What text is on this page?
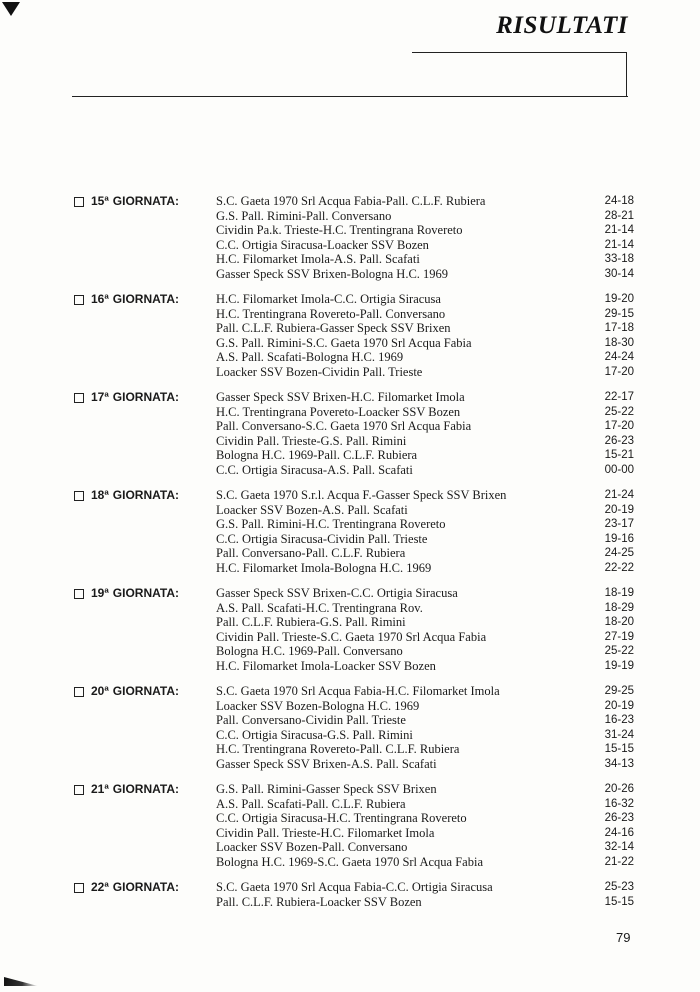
RISULTATI
15ª GIORNATA:	S.C. Gaeta 1970 Srl Acqua Fabia-Pall. C.L.F. Rubiera	24-18
G.S. Pall. Rimini-Pall. Conversano	28-21
Cividin Pa.k. Trieste-H.C. Trentingrana Rovereto	21-14
C.C. Ortigia Siracusa-Loacker SSV Bozen	21-14
H.C. Filomarket Imola-A.S. Pall. Scafati	33-18
Gasser Speck SSV Brixen-Bologna H.C. 1969	30-14
16ª GIORNATA:	H.C. Filomarket Imola-C.C. Ortigia Siracusa	19-20
H.C. Trentingrana Rovereto-Pall. Conversano	29-15
Pall. C.L.F. Rubiera-Gasser Speck SSV Brixen	17-18
G.S. Pall. Rimini-S.C. Gaeta 1970 Srl Acqua Fabia	18-30
A.S. Pall. Scafati-Bologna H.C. 1969	24-24
Loacker SSV Bozen-Cividin Pall. Trieste	17-20
17ª GIORNATA:	Gasser Speck SSV Brixen-H.C. Filomarket Imola	22-17
H.C. Trentingrana Povereto-Loacker SSV Bozen	25-22
Pall. Conversano-S.C. Gaeta 1970 Srl Acqua Fabia	17-20
Cividin Pall. Trieste-G.S. Pall. Rimini	26-23
Bologna H.C. 1969-Pall. C.L.F. Rubiera	15-21
C.C. Ortigia Siracusa-A.S. Pall. Scafati	00-00
18ª GIORNATA:	S.C. Gaeta 1970 S.r.l. Acqua F.-Gasser Speck SSV Brixen	21-24
Loacker SSV Bozen-A.S. Pall. Scafati	20-19
G.S. Pall. Rimini-H.C. Trentingrana Rovereto	23-17
C.C. Ortigia Siracusa-Cividin Pall. Trieste	19-16
Pall. Conversano-Pall. C.L.F. Rubiera	24-25
H.C. Filomarket Imola-Bologna H.C. 1969	22-22
19ª GIORNATA:	Gasser Speck SSV Brixen-C.C. Ortigia Siracusa	18-19
A.S. Pall. Scafati-H.C. Trentingrana Rov.	18-29
Pall. C.L.F. Rubiera-G.S. Pall. Rimini	18-20
Cividin Pall. Trieste-S.C. Gaeta 1970 Srl Acqua Fabia	27-19
Bologna H.C. 1969-Pall. Conversano	25-22
H.C. Filomarket Imola-Loacker SSV Bozen	19-19
20ª GIORNATA:	S.C. Gaeta 1970 Srl Acqua Fabia-H.C. Filomarket Imola	29-25
Loacker SSV Bozen-Bologna H.C. 1969	20-19
Pall. Conversano-Cividin Pall. Trieste	16-23
C.C. Ortigia Siracusa-G.S. Pall. Rimini	31-24
H.C. Trentingrana Rovereto-Pall. C.L.F. Rubiera	15-15
Gasser Speck SSV Brixen-A.S. Pall. Scafati	34-13
21ª GIORNATA:	G.S. Pall. Rimini-Gasser Speck SSV Brixen	20-26
A.S. Pall. Scafati-Pall. C.L.F. Rubiera	16-32
C.C. Ortigia Siracusa-H.C. Trentingrana Rovereto	26-23
Cividin Pall. Trieste-H.C. Filomarket Imola	24-16
Loacker SSV Bozen-Pall. Conversano	32-14
Bologna H.C. 1969-S.C. Gaeta 1970 Srl Acqua Fabia	21-22
22ª GIORNATA:	S.C. Gaeta 1970 Srl Acqua Fabia-C.C. Ortigia Siracusa	25-23
Pall. C.L.F. Rubiera-Loacker SSV Bozen	15-15
79
